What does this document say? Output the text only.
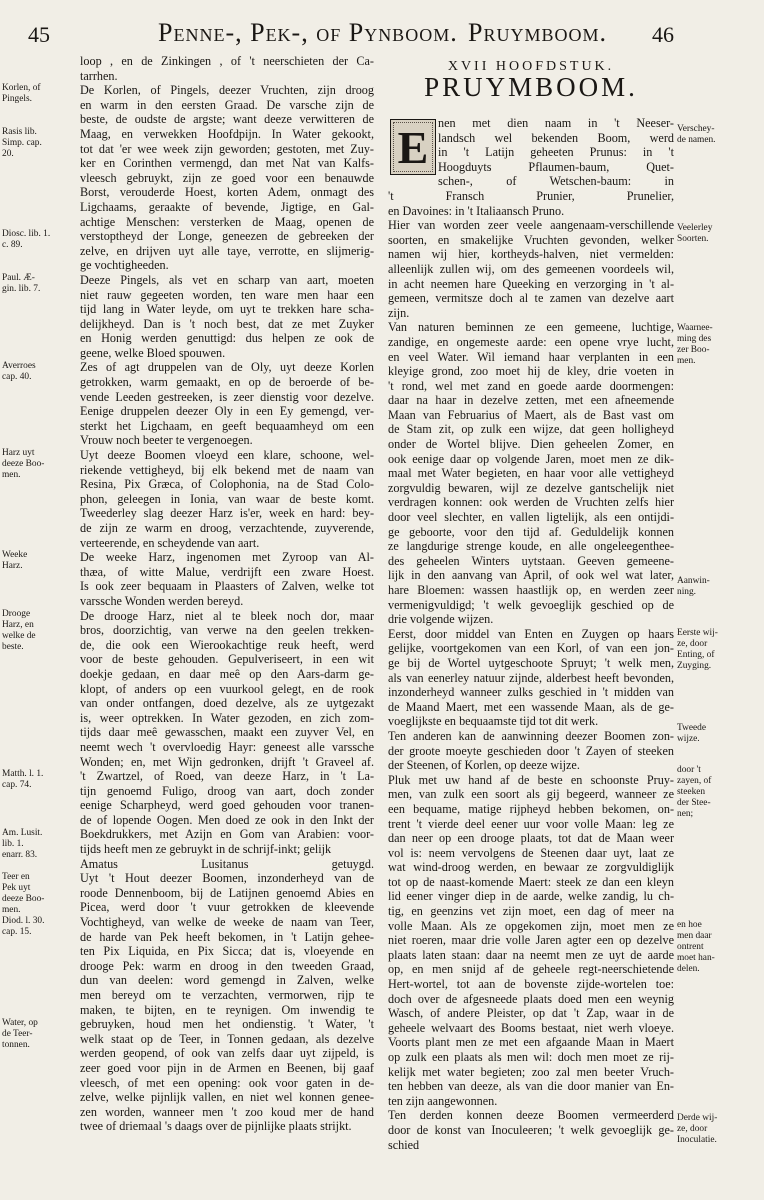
45	Penne-, Pek-, of Pynboom. Pruymboom. 46
Korlen, of
Pingels.
Rasis lib.
Simp. cap.
20.
Diosc. lib. 1.
c. 89.
Paul. Æ-
gin. lib. 7.
Averroes
cap. 40.
Harz uyt
deeze Boo-
men.
Weeke
Harz.
Drooge
Harz, en
welke de
beste.
Matth. l. 1.
cap. 74.
Am. Lusit.
lib. 1.
enarr. 83.
Teer en
Pek uyt
deeze Boo-
men.
Diod. l. 30.
cap. 15.
Water, op
de Teer-
tonnen.
loop , en de Zinkingen , of 't neerschieten der Ca-
tarrhen.
De Korlen, of Pingels, deezer Vruchten, zijn droog
en warm in den eersten Graad. De varsche zijn de
beste, de oudste de argste; want deeze verwitteren de
Maag, en verwekken Hoofdpijn. In Water gekookt,
tot dat 'er wee week zijn geworden; gestoten, met Zuy-
ker en Corinthen vermengd, dan met Nat van Kalfs-
vleesch gebruykt, zijn ze goed voor een benauwde
Borst, verouderde Hoest, korten Adem, onmagt des
Ligchaams, geraakte of bevende, Jigtige, en Gal-
achtige Menschen: versterken de Maag, openen de
verstoptheyd der Longe, geneezen de gebreeken der
zelve, en drijven uyt alle taye, verrotte, en slijmerig-
ge vochtigheeden.
Deeze Pingels, als vet en scharp van aart, moeten
niet rauw gegeeten worden, ten ware men haar een
tijd lang in Water leyde, om uyt te trekken hare scha-
delijkheyd. Dan is 't noch best, dat ze met Zuyker
en Honig werden genuttigd: dus helpen ze ook de
geene, welke Bloed spouwen.
Zes of agt druppelen van de Oly, uyt deeze Korlen
getrokken, warm gemaakt, en op de beroerde of be-
vende Leeden gestreeken, is zeer dienstig voor dezelve.
Eenige druppelen deezer Oly in een Ey gemengd, ver-
sterkt het Ligchaam, en geeft bequaamheyd om een
Vrouw noch beeter te vergenoegen.
Uyt deeze Boomen vloeyd een klare, schoone, wel-
riekende vettigheyd, bij elk bekend met de naam van
Resina, Pix Græca, of Colophonia, na de Stad Colo-
phon, geleegen in Ionia, van waar de beste komt.
Tweederley slag deezer Harz is'er, week en hard: bey-
de zijn ze warm en droog, verzachtende, zuyverende,
verteerende, en scheydende van aart.
De weeke Harz, ingenomen met Zyroop van Al-
thæa, of witte Malue, verdrijft een zware Hoest.
Is ook zeer bequaam in Plaasters of Zalven, welke tot
varssche Wonden werden bereyd.
De drooge Harz, niet al te bleek noch dor, maar
bros, doorzichtig, van verwe na den geelen trekken-
de, die ook een Wierookachtige reuk heeft, werd
voor de beste gehouden. Gepulveriseert, in een wit
doekje gedaan, en daar meê op den Aars-darm ge-
klopt, of anders op een vuurkool gelegt, en de rook
van onder ontfangen, doed dezelve, als ze uytgezakt
is, weer optrekken. In Water gezoden, en zich zom-
tijds daar meê gewasschen, maakt een zuyver Vel, en
neemt wech 't overvloedig Hayr: geneest alle varssche
Wonden; en, met Wijn gedronken, drijft 't Graveel af.
't Zwartzel, of Roed, van deeze Harz, in 't La-
tijn genoemd Fuligo, droog van aart, doch zonder
eenige Scharpheyd, werd goed gehouden voor tranen-
de of lopende Oogen. Men doed ze ook in den Inkt der
Boekdrukkers, met Azijn en Gom van Arabien: voor-
tijds heeft men ze gebruykt in de schrijf-inkt; gelijk
Amatus Lusitanus getuygd.
Uyt 't Hout deezer Boomen, inzonderheyd van de
roode Dennenboom, bij de Latijnen genoemd Abies en
Picea, werd door 't vuur getrokken de kleevende
Vochtigheyd, van welke de weeke de naam van Teer,
de harde van Pek heeft bekomen, in 't Latijn gehee-
ten Pix Liquida, en Pix Sicca; dat is, vloeyende en
drooge Pek: warm en droog in den tweeden Graad,
dun van deelen: word gemengd in Zalven, welke
men bereyd om te verzachten, vermorwen, rijp te
maken, te bijten, en te reynigen. Om inwendig te
gebruyken, houd men het ondienstig. 't Water, 't
welk staat op de Teer, in Tonnen gedaan, als dezelve
werden geopend, of ook van zelfs daar uyt zijpeld, is
zeer goed voor pijn in de Armen en Beenen, bij gaaf
vleesch, of met een opening: ook voor gaten in de-
zelve, welke pijnlijk vallen, en niet wel konnen genee-
zen worden, wanneer men 't zoo koud mer de hand
twee of driemaal 's daags over de pijnlijke plaats strijkt.
E
XVII HOOFDSTUK.
PRUYMBOOM.
nen met dien naam in 't Neeser-
landsch wel bekenden Boom, werd
in 't Latijn geheeten Prunus: in 't
Hoogduyts Pflaumen-baum, Quet-
schen-, of Wetschen-baum: in
't Fransch Prunier, Prunelier,
en Davoines: in 't Italiaansch Pruno.
Hier van worden zeer veele aangenaam-verschillende
soorten, en smakelijke Vruchten gevonden, welker
namen wij hier, kortheyds-halven, niet vermelden:
alleenlijk zullen wij, om des gemeenen voordeels wil,
in acht neemen hare Queeking en verzorging in 't al-
gemeen, vermitsze doch al te zamen van dezelve aart
zijn.
Van naturen beminnen ze een gemeene, luchtige,
zandige, en ongemeste aarde: een opene vrye lucht,
en veel Water. Wil iemand haar verplanten in een
kleyige grond, zoo moet hij de kley, drie voeten in
't rond, wel met zand en goede aarde doormengen:
daar na haar in dezelve zetten, met een afneemende
Maan van Februarius of Maert, als de Bast vast om
de Stam zit, op zulk een wijze, dat geen holligheyd
onder de Wortel blijve. Dien geheelen Zomer, en
ook eenige daar op volgende Jaren, moet men ze dik-
maal met Water begieten, en haar voor alle vettigheyd
zorgvuldig bewaren, wijl ze dezelve gantschelijk niet
verdragen konnen: ook werden de Vruchten zelfs hier
door veel slechter, en vallen ligtelijk, als een ontijdi-
ge geboorte, voor den tijd af. Geduldelijk konnen
ze langdurige strenge koude, en alle ongeleegenthee-
des geheelen Winters uytstaan. Geeven gemeene-
lijk in den aanvang van April, of ook wel wat later,
hare Bloemen: wassen haastlijk op, en werden zeer
vermenigvuldigd; 't welk gevoeglijk geschied op de
drie volgende wijzen.
Eerst, door middel van Enten en Zuygen op haars
gelijke, voortgekomen van een Korl, of van een jon-
ge bij de Wortel uytgeschoote Spruyt; 't welk men,
als van eenerley natuur zijnde, alderbest heeft bevonden,
inzonderheyd wanneer zulks geschied in 't midden van
de Maand Maert, met een wassende Maan, als de ge-
voeglijkste en bequaamste tijd tot dit werk.
Ten anderen kan de aanwinning deezer Boomen zon-
der groote moeyte geschieden door 't Zayen of steeken
der Steenen, of Korlen, op deeze wijze.
Pluk met uw hand af de beste en schoonste Pruy-
men, van zulk een soort als gij begeerd, wanneer ze
een bequame, matige rijpheyd hebben bekomen, on-
trent 't vierde deel eener uur voor volle Maan: leg ze
dan neer op een drooge plaats, tot dat de Maan weer
vol is: neem vervolgens de Steenen daar uyt, laat ze
wat wind-droog werden, en bewaar ze zorgvuldiglijk
tot op de naast-komende Maert: steek ze dan een kleyn
lid eener vinger diep in de aarde, welke zandig, lu ch-
tig, en geenzins vet zijn moet, een dag of meer na
volle Maan. Als ze opgekomen zijn, moet men ze
niet roeren, maar drie volle Jaren agter een op dezelve
plaats laten staan: daar na neemt men ze uyt de aarde
op, en men snijd af de geheele regt-neerschietende
Hert-wortel, tot aan de bovenste zijde-wortelen toe:
doch over de afgesneede plaats doed men een weynig
Wasch, of andere Pleister, op dat 't Zap, waar in de
geheele welvaart des Booms bestaat, niet werh vloeye.
Voorts plant men ze met een afgaande Maan in Maert
op zulk een plaats als men wil: doch men moet ze rij-
kelijk met water begieten; zoo zal men beeter Vruch-
ten hebben van deeze, als van die door manier van En-
ten zijn aangewonnen.
Ten derden konnen deeze Boomen vermeerderd
door de konst van Inoculeeren; 't welk gevoeglijk ge-
schied
Verschey-
de namen.
Veelerley
Soorten.
Waarnee-
ming des
zer Boo-
men.
Aanwin-
ning.
Eerste wij-
ze, door
Enting, of
Zuyging.
Tweede
wijze.
door 't
zayen, of
steeken
der Stee-
nen;
en hoe
men daar
ontrent
moet han-
delen.
Derde wij-
ze, door
Inoculatie.
